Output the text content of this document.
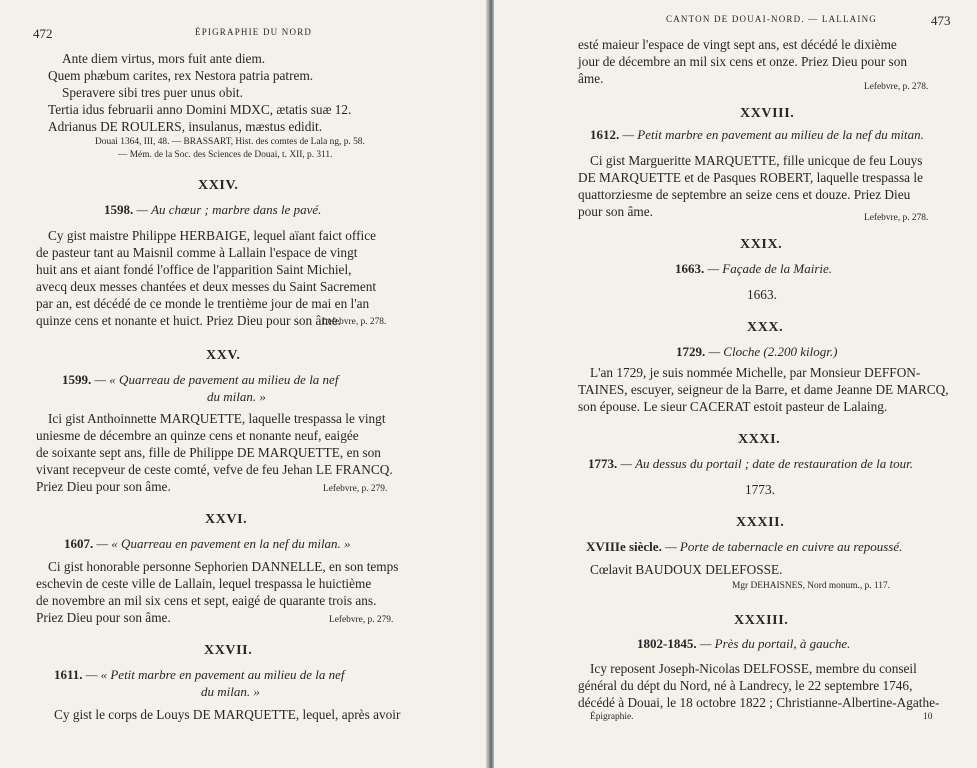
472	ÉPIGRAPHIE DU NORD
Ante diem virtus, mors fuit ante diem.
Quem phæbum carites, rex Nestora patria patrem.
Speravere sibi tres puer unus obit.
Tertia idus februarii anno Domini MDXC, ætatis suæ 12.
Adrianus DE ROULERS, insulanus, mæstus edidit.
Douai 1364, III, 48. — BRASSART, Hist. des comtes de Lala ng, p. 58.
— Mém. de la Soc. des Sciences de Douai, t. XII, p. 311.
XXIV.
1598. — Au chœur ; marbre dans le pavé.
Cy gist maistre Philippe HERBAIGE, lequel aïant faict office
de pasteur tant au Maisnil comme à Lallain l'espace de vingt
huit ans et aiant fondé l'office de l'apparition Saint Michiel,
avecq deux messes chantées et deux messes du Saint Sacrement
par an, est décédé de ce monde le trentième jour de mai en l'an
quinze cens et nonante et huict. Priez Dieu pour son âme.
Lefebvre, p. 278.
XXV.
1599. — « Quarreau de pavement au milieu de la nef
du milan. »
Ici gist Anthoinnette MARQUETTE, laquelle trespassa le vingt
uniesme de décembre an quinze cens et nonante neuf, eaigée
de soixante sept ans, fille de Philippe DE MARQUETTE, en son
vivant recepveur de ceste comté, vefve de feu Jehan LE FRANCQ.
Priez Dieu pour son âme.	Lefebvre, p. 279.
XXVI.
1607. — « Quarreau en pavement en la nef du milan. »
Ci gist honorable personne Sephorien DANNELLE, en son temps
eschevin de ceste ville de Lallain, lequel trespassa le huictième
de novembre an mil six cens et sept, eaigé de quarante trois ans.
Priez Dieu pour son âme.	Lefebvre, p. 279.
XXVII.
1611. — « Petit marbre en pavement au milieu de la nef
du milan. »
Cy gist le corps de Louys DE MARQUETTE, lequel, après avoir
CANTON DE DOUAI-NORD. — LALLAING	473
esté maieur l'espace de vingt sept ans, est décédé le dixième
jour de décembre an mil six cens et onze. Priez Dieu pour son
âme.
Lefebvre, p. 278.
XXVIII.
1612. — Petit marbre en pavement au milieu de la nef du mitan.
Ci gist Margueritte MARQUETTE, fille unicque de feu Louys
DE MARQUETTE et de Pasques ROBERT, laquelle trespassa le
quattorziesme de septembre an seize cens et douze. Priez Dieu
pour son âme.	Lefebvre, p. 278.
XXIX.
1663. — Façade de la Mairie.
1663.
XXX.
1729. — Cloche (2.200 kilogr.)
L'an 1729, je suis nommée Michelle, par Monsieur DEFFON-
TAINES, escuyer, seigneur de la Barre, et dame Jeanne DE MARCQ,
son épouse. Le sieur CACERAT estoit pasteur de Lalaing.
XXXI.
1773. — Au dessus du portail ; date de restauration de la tour.
1773.
XXXII.
XVIIIe siècle. — Porte de tabernacle en cuivre au repoussé.
Cœlavit BAUDOUX DELEFOSSE.
Mgr DEHAISNES, Nord monum., p. 117.
XXXIII.
1802-1845. — Près du portail, à gauche.
Icy reposent Joseph-Nicolas DELFOSSE, membre du conseil
général du dépt du Nord, né à Landrecy, le 22 septembre 1746,
décédé à Douai, le 18 octobre 1822 ; Christianne-Albertine-Agathe-
Épigraphie.	10
